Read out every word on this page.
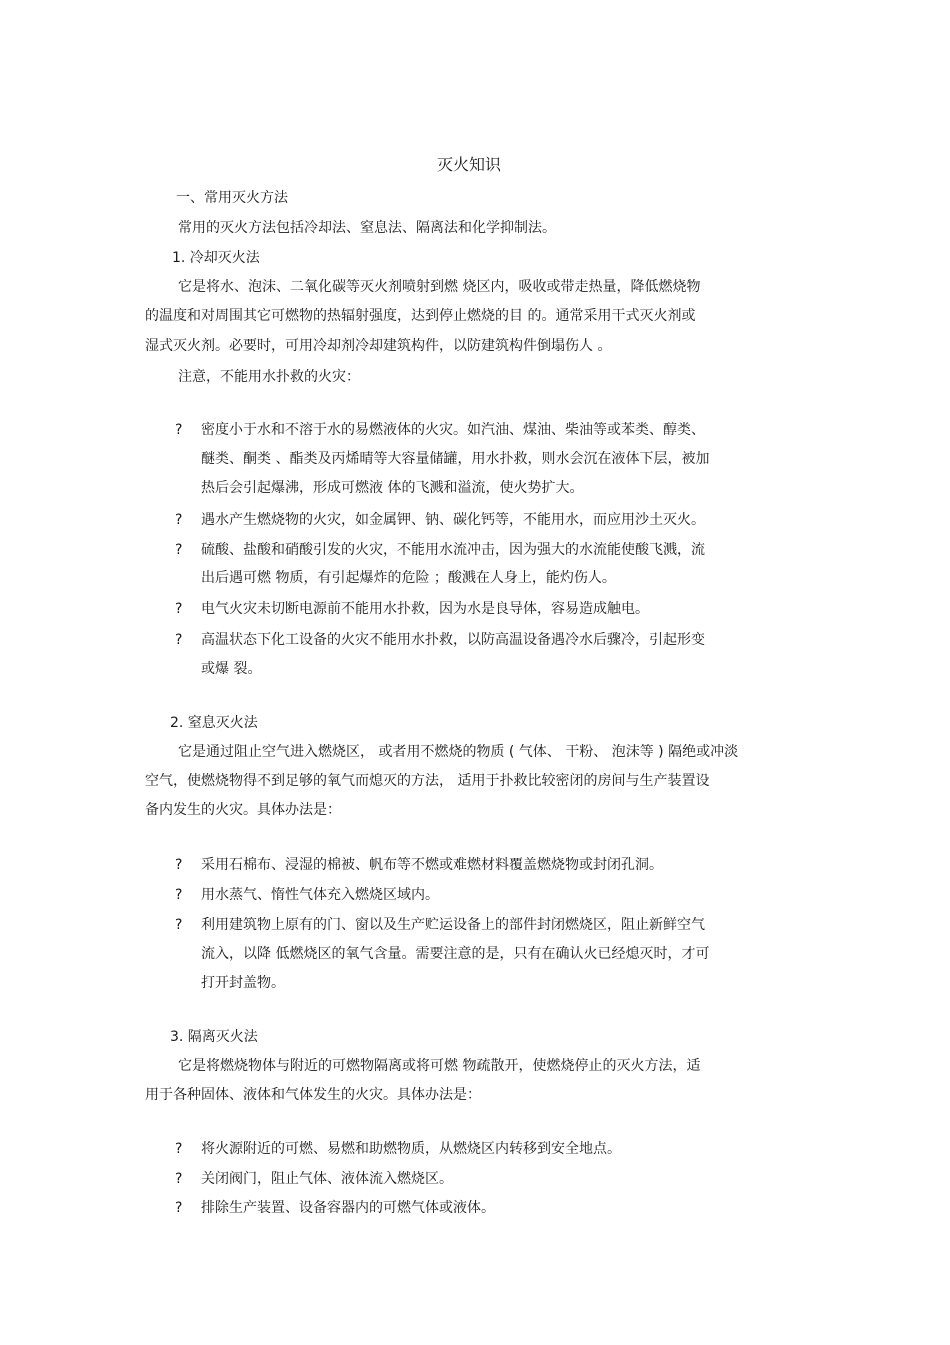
灭火知识
一、常用灭火方法
常用的灭火方法包括冷却法、窒息法、隔离法和化学抑制法。
1. 冷却灭火法
它是将水、泡沫、二氧化碳等灭火剂喷射到燃 烧区内，吸收或带走热量，降低燃烧物
的温度和对周围其它可燃物的热辐射强度，达到停止燃烧的目 的。通常采用干式灭火剂或
湿式灭火剂。必要时，可用冷却剂冷却建筑构件，以防建筑构件倒塌伤人 。
注意，不能用水扑救的火灾：
? 密度小于水和不溶于水的易燃液体的火灾。如汽油、煤油、柴油等或苯类、醇类、
醚类、酮类 、酯类及丙烯晴等大容量储罐，用水扑救，则水会沉在液体下层，被加
热后会引起爆沸，形成可燃液 体的飞溅和溢流，使火势扩大。
? 遇水产生燃烧物的火灾，如金属钾、钠、碳化钙等，不能用水，而应用沙土灭火。
? 硫酸、盐酸和硝酸引发的火灾，不能用水流冲击，因为强大的水流能使酸飞溅，流
出后遇可燃 物质，有引起爆炸的危险 ；酸溅在人身上，能灼伤人。
? 电气火灾未切断电源前不能用水扑救，因为水是良导体，容易造成触电。
? 高温状态下化工设备的火灾不能用水扑救，以防高温设备遇冷水后骤冷，引起形变
或爆 裂。
2. 窒息灭火法
它是通过阻止空气进入燃烧区， 或者用不燃烧的物质 ( 气体、 干粉、 泡沫等 ) 隔绝或冲淡
空气，使燃烧物得不到足够的氧气而熄灭的方法， 适用于扑救比较密闭的房间与生产装置设
备内发生的火灾。具体办法是：
? 采用石棉布、浸湿的棉被、帆布等不燃或难燃材料覆盖燃烧物或封闭孔洞。
? 用水蒸气、惰性气体充入燃烧区域内。
? 利用建筑物上原有的门、窗以及生产贮运设备上的部件封闭燃烧区，阻止新鲜空气
流入，以降 低燃烧区的氧气含量。需要注意的是，只有在确认火已经熄灭时，才可
打开封盖物。
3. 隔离灭火法
它是将燃烧物体与附近的可燃物隔离或将可燃 物疏散开，使燃烧停止的灭火方法，适
用于各种固体、液体和气体发生的火灾。具体办法是：
? 将火源附近的可燃、易燃和助燃物质，从燃烧区内转移到安全地点。
? 关闭阀门，阻止气体、液体流入燃烧区。
? 排除生产装置、设备容器内的可燃气体或液体。
